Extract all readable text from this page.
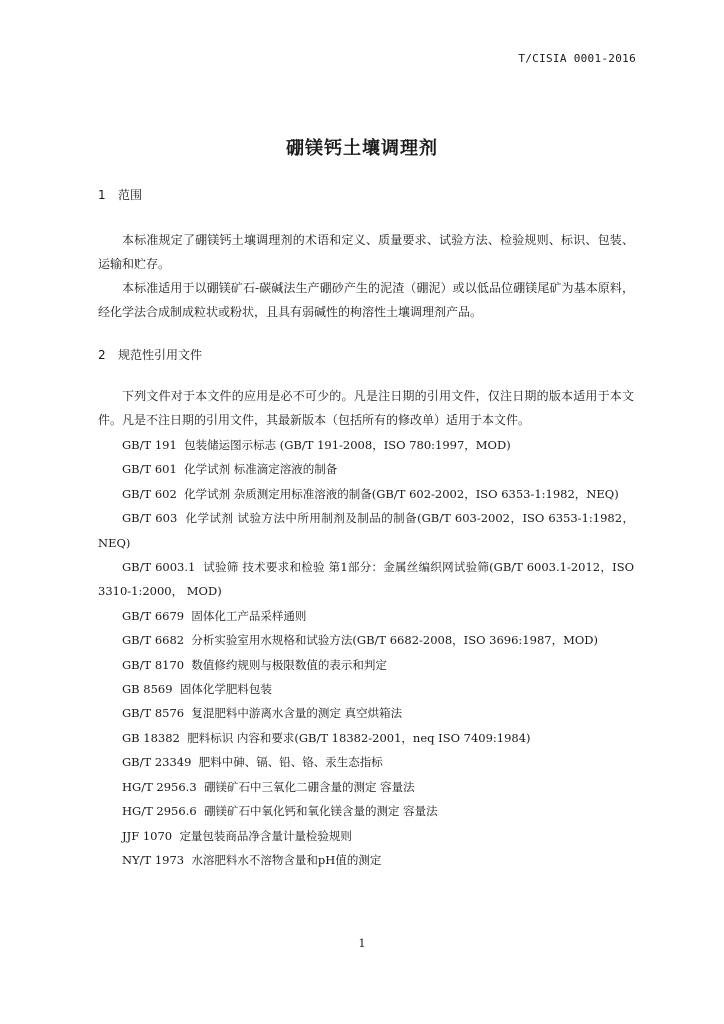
T/CISIA 0001-2016
硼镁钙土壤调理剂
1 范围
本标准规定了硼镁钙土壤调理剂的术语和定义、质量要求、试验方法、检验规则、标识、包装、运输和贮存。
本标准适用于以硼镁矿石-碳碱法生产硼砂产生的泥渣（硼泥）或以低品位硼镁尾矿为基本原料，经化学法合成制成粒状或粉状，且具有弱碱性的枸溶性土壤调理剂产品。
2 规范性引用文件
下列文件对于本文件的应用是必不可少的。凡是注日期的引用文件，仅注日期的版本适用于本文件。凡是不注日期的引用文件，其最新版本（包括所有的修改单）适用于本文件。
GB/T 191 包装储运图示标志 (GB/T 191-2008，ISO 780:1997，MOD)
GB/T 601 化学试剂 标准滴定溶液的制备
GB/T 602 化学试剂 杂质测定用标准溶液的制备(GB/T 602-2002，ISO 6353-1:1982，NEQ)
GB/T 603 化学试剂 试验方法中所用制剂及制品的制备(GB/T 603-2002，ISO 6353-1:1982，NEQ)
GB/T 6003.1 试验筛 技术要求和检验 第1部分：金属丝编织网试验筛(GB/T 6003.1-2012，ISO 3310-1:2000， MOD)
GB/T 6679 固体化工产品采样通则
GB/T 6682 分析实验室用水规格和试验方法(GB/T 6682-2008，ISO 3696:1987，MOD)
GB/T 8170 数值修约规则与极限数值的表示和判定
GB 8569 固体化学肥料包装
GB/T 8576 复混肥料中游离水含量的测定 真空烘箱法
GB 18382 肥料标识 内容和要求(GB/T 18382-2001，neq ISO 7409:1984)
GB/T 23349 肥料中砷、镉、铅、铬、汞生态指标
HG/T 2956.3 硼镁矿石中三氧化二硼含量的测定 容量法
HG/T 2956.6 硼镁矿石中氧化钙和氧化镁含量的测定 容量法
JJF 1070 定量包装商品净含量计量检验规则
NY/T 1973 水溶肥料水不溶物含量和pH值的测定
1
